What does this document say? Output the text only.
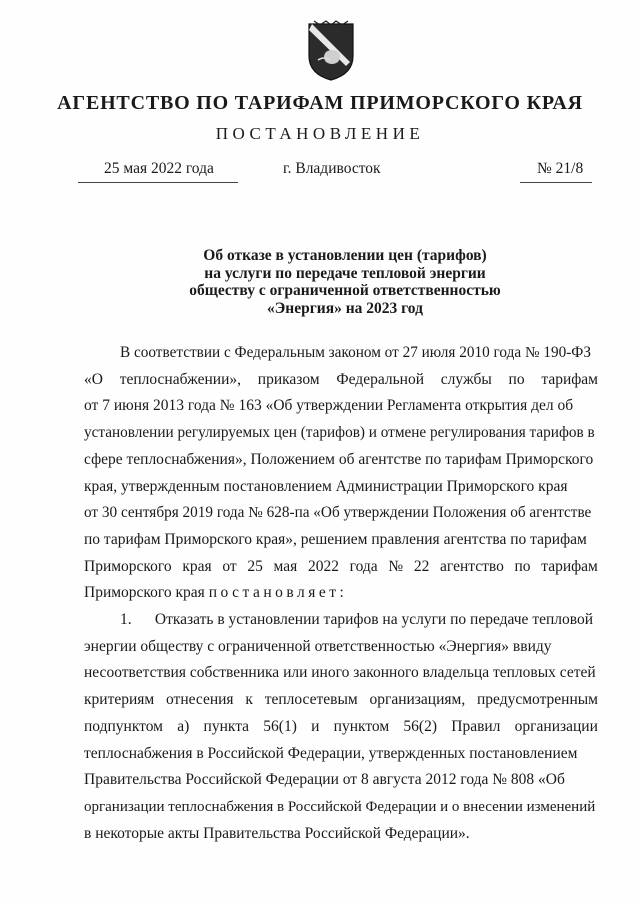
АГЕНТСТВО ПО ТАРИФАМ ПРИМОРСКОГО КРАЯ
ПОСТАНОВЛЕНИЕ
25 мая 2022 года	г. Владивосток	№ 21/8
Об отказе в установлении цен (тарифов)
на услуги по передаче тепловой энергии
обществу с ограниченной ответственностью
«Энергия» на 2023 год
В соответствии с Федеральным законом от 27 июля 2010 года № 190-ФЗ
«О теплоснабжении», приказом Федеральной службы по тарифам
от 7 июня 2013 года № 163 «Об утверждении Регламента открытия дел об
установлении регулируемых цен (тарифов) и отмене регулирования тарифов в
сфере теплоснабжения», Положением об агентстве по тарифам Приморского
края, утвержденным постановлением Администрации Приморского края
от 30 сентября 2019 года № 628-па «Об утверждении Положения об агентстве
по тарифам Приморского края», решением правления агентства по тарифам
Приморского края от 25 мая 2022 года № 22 агентство по тарифам
Приморского края постановляет:
1. Отказать в установлении тарифов на услуги по передаче тепловой
энергии обществу с ограниченной ответственностью «Энергия» ввиду
несоответствия собственника или иного законного владельца тепловых сетей
критериям отнесения к теплосетевым организациям, предусмотренным
подпунктом а) пункта 56(1) и пунктом 56(2) Правил организации
теплоснабжения в Российской Федерации, утвержденных постановлением
Правительства Российской Федерации от 8 августа 2012 года № 808 «Об
организации теплоснабжения в Российской Федерации и о внесении изменений
в некоторые акты Правительства Российской Федерации».
